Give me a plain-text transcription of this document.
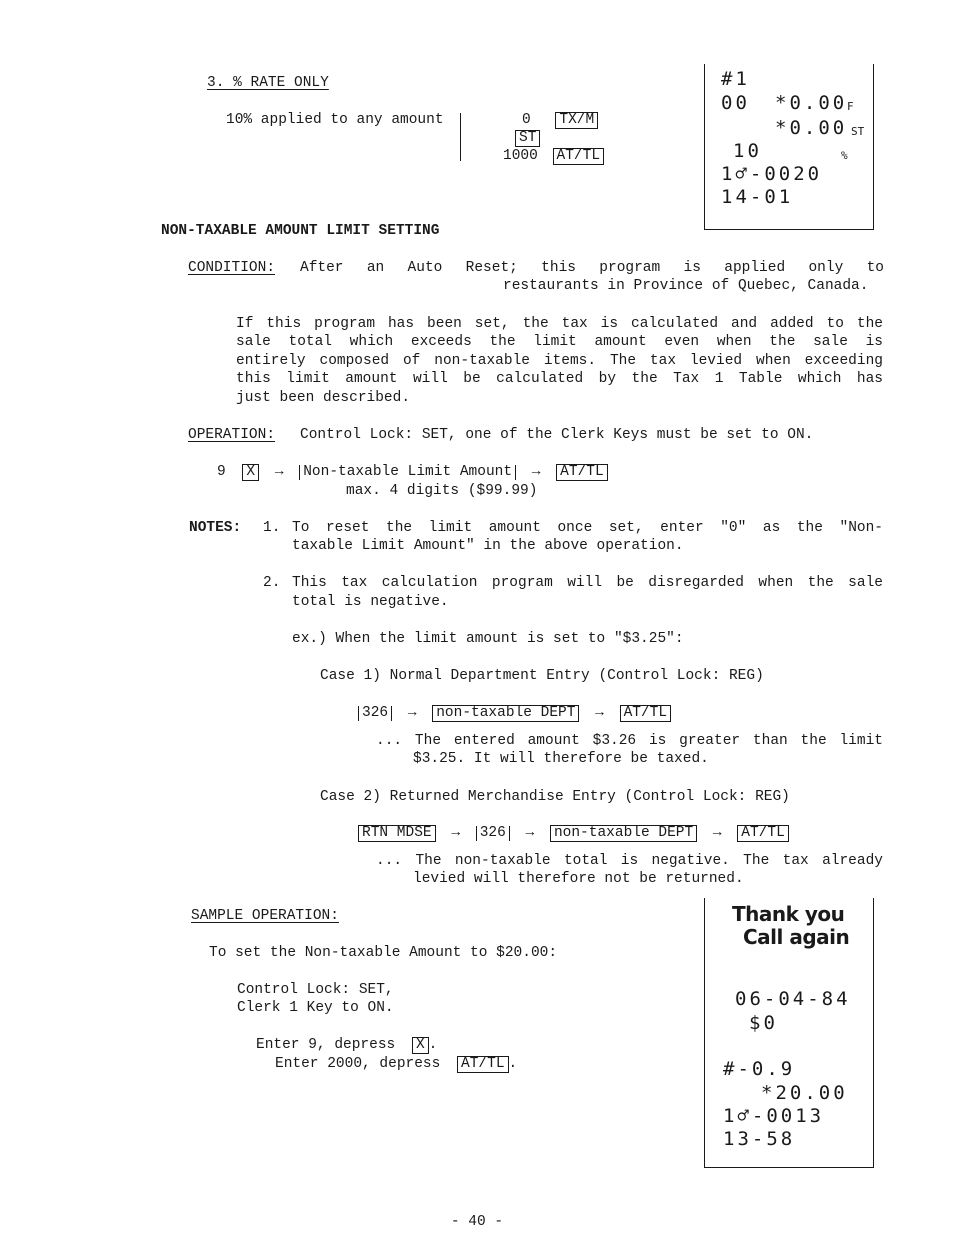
3. % RATE ONLY
10% applied to any amount	0 TX/M
ST
1000 AT/TL
#1
00 *0.00 F
*0.00 ST
10	%
1♂-0020
14-01
NON-TAXABLE AMOUNT LIMIT SETTING
CONDITION: After an Auto Reset; this program is applied only to
restaurants in Province of Quebec, Canada.
If this program has been set, the tax is calculated and added to the
sale total which exceeds the limit amount even when the sale is
entirely composed of non-taxable items. The tax levied when exceeding
this limit amount will be calculated by the Tax 1 Table which has
just been described.
OPERATION: Control Lock: SET, one of the Clerk Keys must be set to ON.
9 X → Non-taxable Limit Amount → AT/TL
max. 4 digits ($99.99)
NOTES: 1. To reset the limit amount once set, enter "0" as the "Non-
taxable Limit Amount" in the above operation.
2. This tax calculation program will be disregarded when the sale
total is negative.
ex.) When the limit amount is set to "$3.25":
Case 1) Normal Department Entry (Control Lock: REG)
326 → non-taxable DEPT → AT/TL
... The entered amount $3.26 is greater than the limit
$3.25. It will therefore be taxed.
Case 2) Returned Merchandise Entry (Control Lock: REG)
RTN MDSE → 326 → non-taxable DEPT → AT/TL
... The non-taxable total is negative. The tax already
levied will therefore not be returned.
SAMPLE OPERATION:
To set the Non-taxable Amount to $20.00:
Control Lock: SET,
Clerk 1 Key to ON.
Enter 9, depress X .
Enter 2000, depress AT/TL .
Thank you
Call again
06-04-84
$0
#-0.9
*20.00
1♂-0013
13-58
- 40 -
